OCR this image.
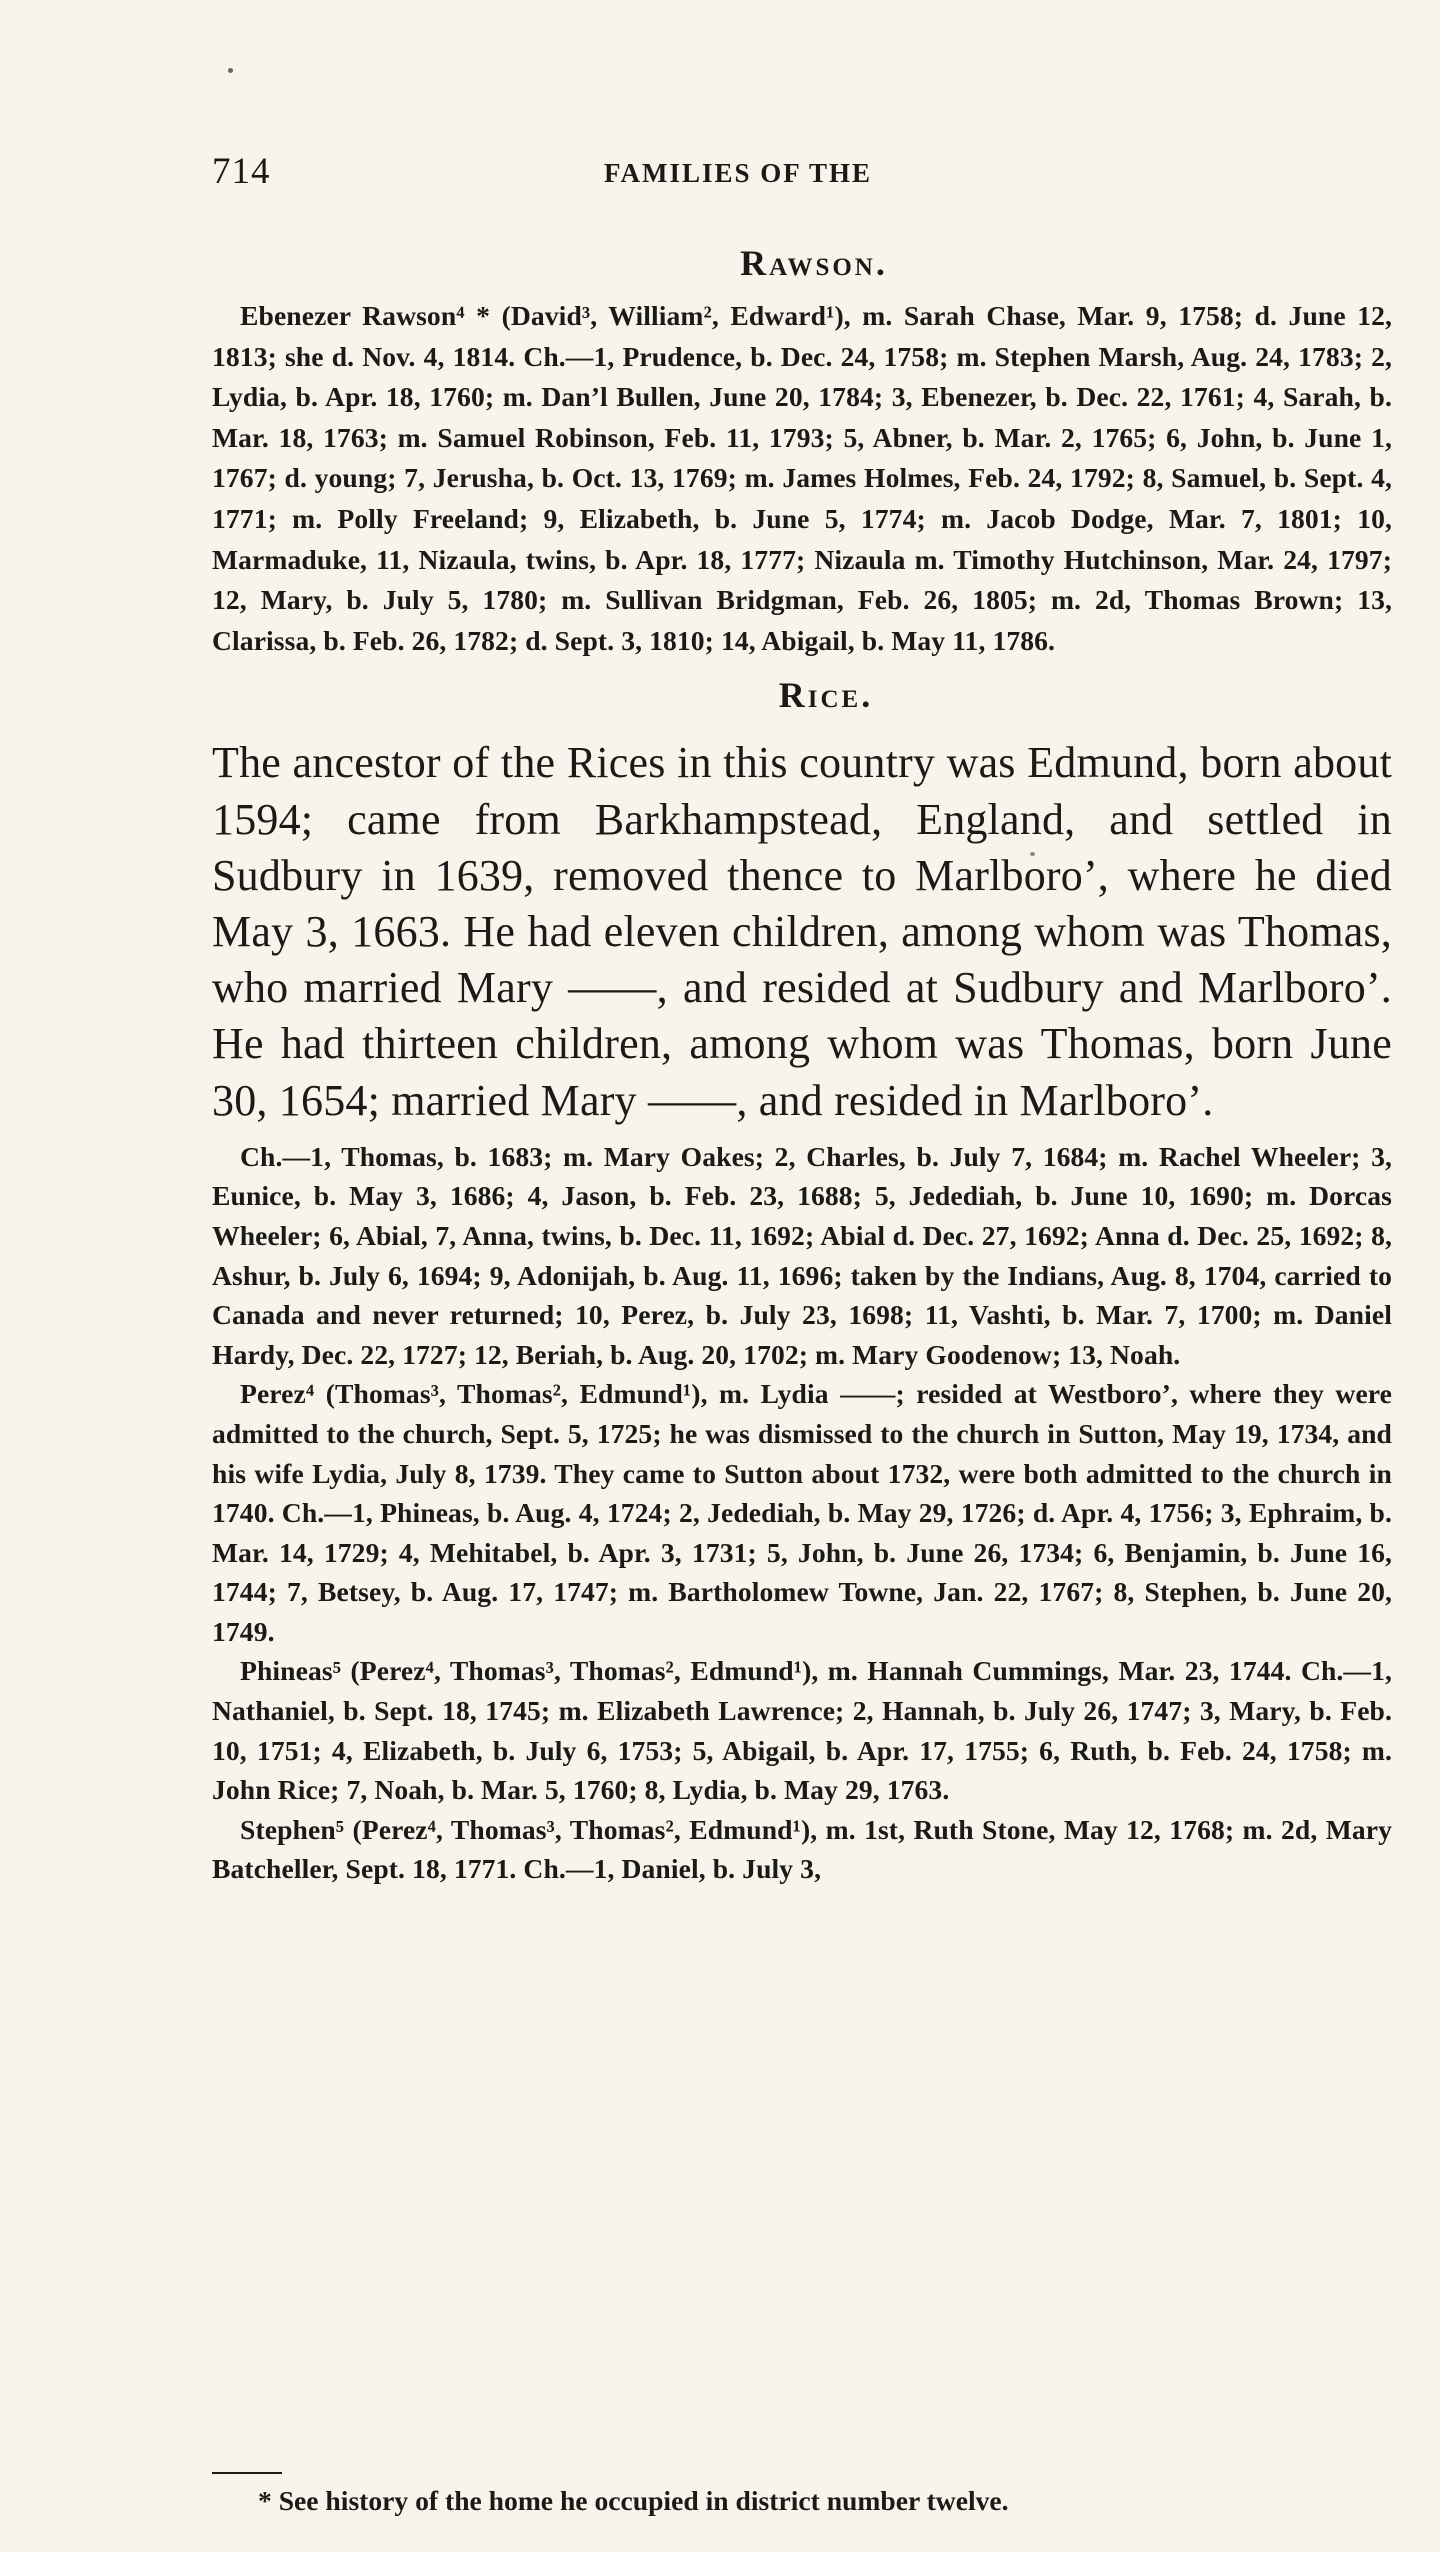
714	FAMILIES OF THE
Rawson.

Ebenezer Rawson⁴ * (David³, William², Edward¹), m. Sarah Chase, Mar. 9, 1758; d. June 12, 1813; she d. Nov. 4, 1814. Ch.—1, Prudence, b. Dec. 24, 1758; m. Stephen Marsh, Aug. 24, 1783; 2, Lydia, b. Apr. 18, 1760; m. Dan’l Bullen, June 20, 1784; 3, Ebenezer, b. Dec. 22, 1761; 4, Sarah, b. Mar. 18, 1763; m. Samuel Robinson, Feb. 11, 1793; 5, Abner, b. Mar. 2, 1765; 6, John, b. June 1, 1767; d. young; 7, Jerusha, b. Oct. 13, 1769; m. James Holmes, Feb. 24, 1792; 8, Samuel, b. Sept. 4, 1771; m. Polly Freeland; 9, Elizabeth, b. June 5, 1774; m. Jacob Dodge, Mar. 7, 1801; 10, Marmaduke, 11, Nizaula, twins, b. Apr. 18, 1777; Nizaula m. Timothy Hutchinson, Mar. 24, 1797; 12, Mary, b. July 5, 1780; m. Sullivan Bridgman, Feb. 26, 1805; m. 2d, Thomas Brown; 13, Clarissa, b. Feb. 26, 1782; d. Sept. 3, 1810; 14, Abigail, b. May 11, 1786.

Rice.

The ancestor of the Rices in this country was Edmund, born about 1594; came from Barkhampstead, England, and settled in Sudbury in 1639, removed thence to Marlboro’, where he died May 3, 1663. He had eleven children, among whom was Thomas, who married Mary ——, and resided at Sudbury and Marlboro’. He had thirteen children, among whom was Thomas, born June 30, 1654; married Mary ——, and resided in Marlboro’.

Ch.—1, Thomas, b. 1683; m. Mary Oakes; 2, Charles, b. July 7, 1684; m. Rachel Wheeler; 3, Eunice, b. May 3, 1686; 4, Jason, b. Feb. 23, 1688; 5, Jedediah, b. June 10, 1690; m. Dorcas Wheeler; 6, Abial, 7, Anna, twins, b. Dec. 11, 1692; Abial d. Dec. 27, 1692; Anna d. Dec. 25, 1692; 8, Ashur, b. July 6, 1694; 9, Adonijah, b. Aug. 11, 1696; taken by the Indians, Aug. 8, 1704, carried to Canada and never returned; 10, Perez, b. July 23, 1698; 11, Vashti, b. Mar. 7, 1700; m. Daniel Hardy, Dec. 22, 1727; 12, Beriah, b. Aug. 20, 1702; m. Mary Goodenow; 13, Noah.

Perez⁴ (Thomas³, Thomas², Edmund¹), m. Lydia ——; resided at Westboro’, where they were admitted to the church, Sept. 5, 1725; he was dismissed to the church in Sutton, May 19, 1734, and his wife Lydia, July 8, 1739. They came to Sutton about 1732, were both admitted to the church in 1740. Ch.—1, Phineas, b. Aug. 4, 1724; 2, Jedediah, b. May 29, 1726; d. Apr. 4, 1756; 3, Ephraim, b. Mar. 14, 1729; 4, Mehitabel, b. Apr. 3, 1731; 5, John, b. June 26, 1734; 6, Benjamin, b. June 16, 1744; 7, Betsey, b. Aug. 17, 1747; m. Bartholomew Towne, Jan. 22, 1767; 8, Stephen, b. June 20, 1749.

Phineas⁵ (Perez⁴, Thomas³, Thomas², Edmund¹), m. Hannah Cummings, Mar. 23, 1744. Ch.—1, Nathaniel, b. Sept. 18, 1745; m. Elizabeth Lawrence; 2, Hannah, b. July 26, 1747; 3, Mary, b. Feb. 10, 1751; 4, Elizabeth, b. July 6, 1753; 5, Abigail, b. Apr. 17, 1755; 6, Ruth, b. Feb. 24, 1758; m. John Rice; 7, Noah, b. Mar. 5, 1760; 8, Lydia, b. May 29, 1763.

Stephen⁵ (Perez⁴, Thomas³, Thomas², Edmund¹), m. 1st, Ruth Stone, May 12, 1768; m. 2d, Mary Batcheller, Sept. 18, 1771. Ch.—1, Daniel, b. July 3,

* See history of the home he occupied in district number twelve.
